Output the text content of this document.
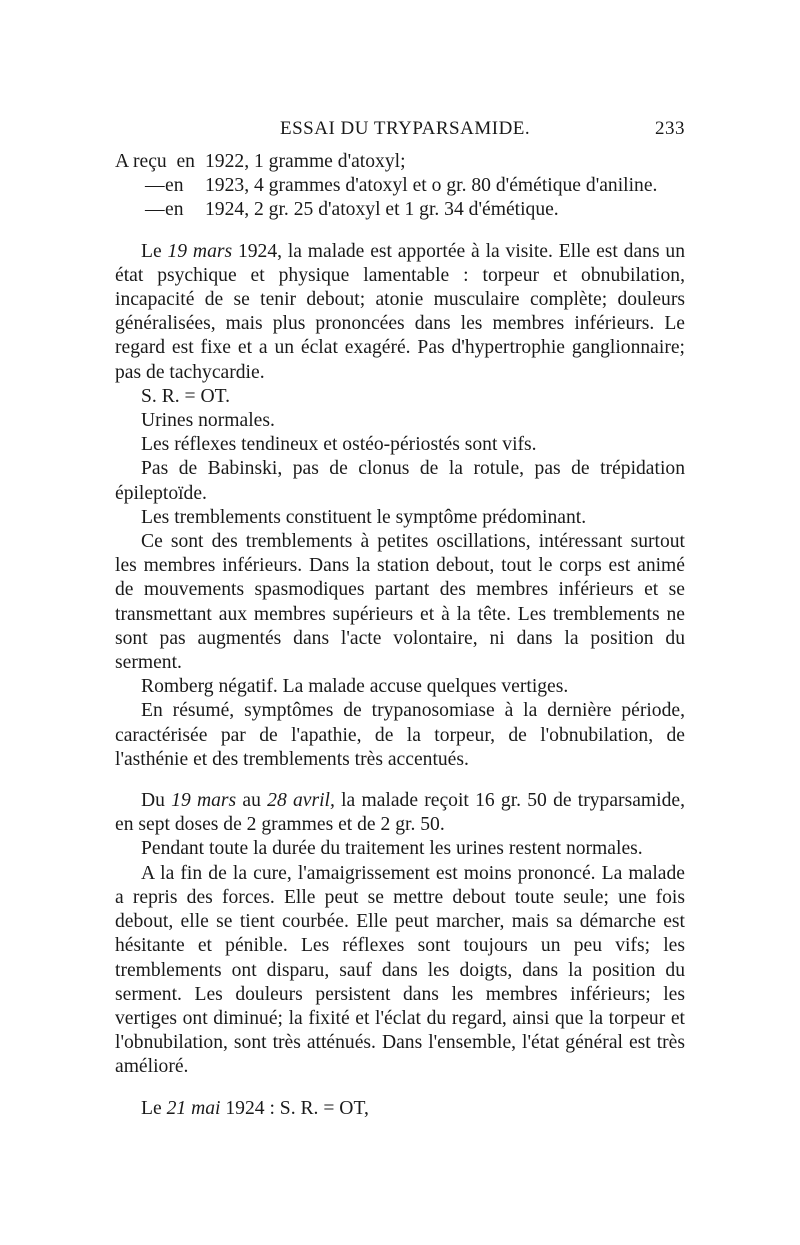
ESSAI DU TRYPARSAMIDE.	233
A reçu en 1922, 1 gramme d'atoxyl;
— en	1923, 4 grammes d'atoxyl et o gr. 80 d'émétique d'aniline.
— en	1924, 2 gr. 25 d'atoxyl et 1 gr. 34 d'émétique.

Le 19 mars 1924, la malade est apportée à la visite. Elle est dans un état psychique et physique lamentable : torpeur et obnubilation, incapacité de se tenir debout; atonie musculaire complète; douleurs généralisées, mais plus prononcées dans les membres inférieurs. Le regard est fixe et a un éclat exagéré. Pas d'hypertrophie ganglionnaire; pas de tachycardie.

S. R. = OT.

Urines normales.

Les réflexes tendineux et ostéo-périostés sont vifs.

Pas de Babinski, pas de clonus de la rotule, pas de trépidation épileptoïde.

Les tremblements constituent le symptôme prédominant.

Ce sont des tremblements à petites oscillations, intéressant surtout les membres inférieurs. Dans la station debout, tout le corps est animé de mouvements spasmodiques partant des membres inférieurs et se transmettant aux membres supérieurs et à la tête. Les tremblements ne sont pas augmentés dans l'acte volontaire, ni dans la position du serment.

Romberg négatif. La malade accuse quelques vertiges.

En résumé, symptômes de trypanosomiase à la dernière période, caractérisée par de l'apathie, de la torpeur, de l'obnubilation, de l'asthénie et des tremblements très accentués.

Du 19 mars au 28 avril, la malade reçoit 16 gr. 50 de tryparsamide, en sept doses de 2 grammes et de 2 gr. 50.

Pendant toute la durée du traitement les urines restent normales.

A la fin de la cure, l'amaigrissement est moins prononcé. La malade a repris des forces. Elle peut se mettre debout toute seule; une fois debout, elle se tient courbée. Elle peut marcher, mais sa démarche est hésitante et pénible. Les réflexes sont toujours un peu vifs; les tremblements ont disparu, sauf dans les doigts, dans la position du serment. Les douleurs persistent dans les membres inférieurs; les vertiges ont diminué; la fixité et l'éclat du regard, ainsi que la torpeur et l'obnubilation, sont très atténués. Dans l'ensemble, l'état général est très amélioré.

Le 21 mai 1924 : S. R. = OT,
